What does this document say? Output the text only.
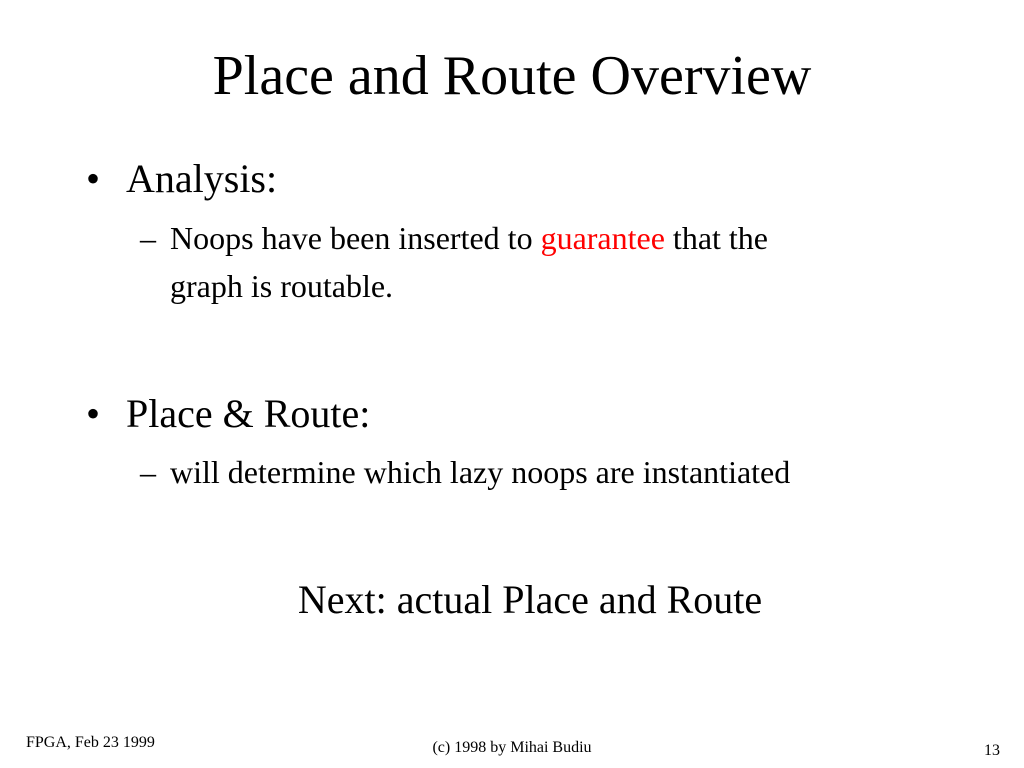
Place and Route Overview
• Analysis:
– Noops have been inserted to guarantee that the
graph is routable.
• Place & Route:
– will determine which lazy noops are instantiated
Next: actual Place and Route
FPGA, Feb 23 1999	(c) 1998 by Mihai Budiu	13
